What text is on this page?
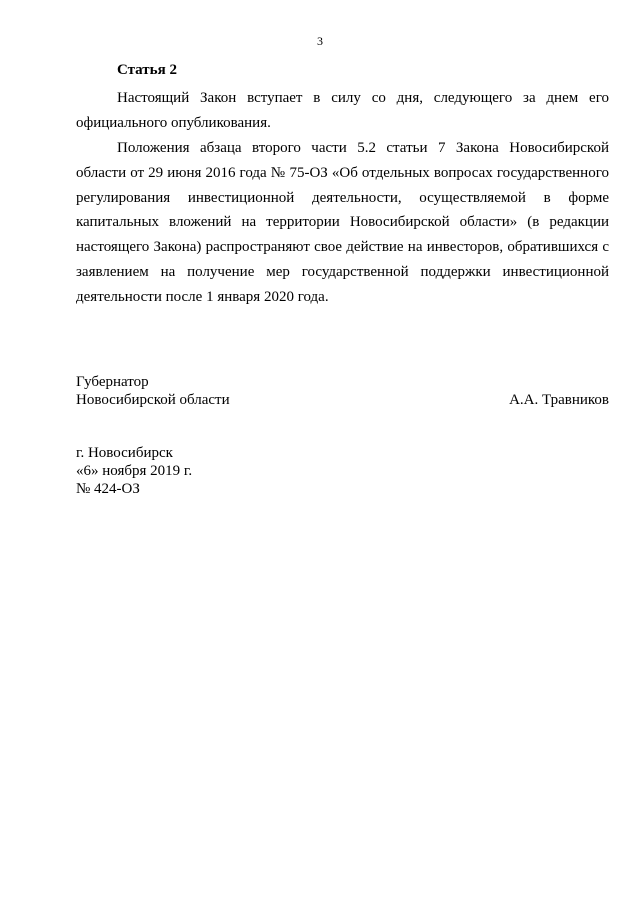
3
Статья 2

Настоящий Закон вступает в силу со дня, следующего за днем его официального опубликования.

Положения абзаца второго части 5.2 статьи 7 Закона Новосибирской области от 29 июня 2016 года № 75-ОЗ «Об отдельных вопросах государственного регулирования инвестиционной деятельности, осуществляемой в форме капитальных вложений на территории Новосибирской области» (в редакции настоящего Закона) распространяют свое действие на инвесторов, обратившихся с заявлением на получение мер государственной поддержки инвестиционной деятельности после 1 января 2020 года.

Губернатор
Новосибирской области	А.А. Травников
г. Новосибирск
«6» ноября 2019 г.
№ 424-ОЗ
